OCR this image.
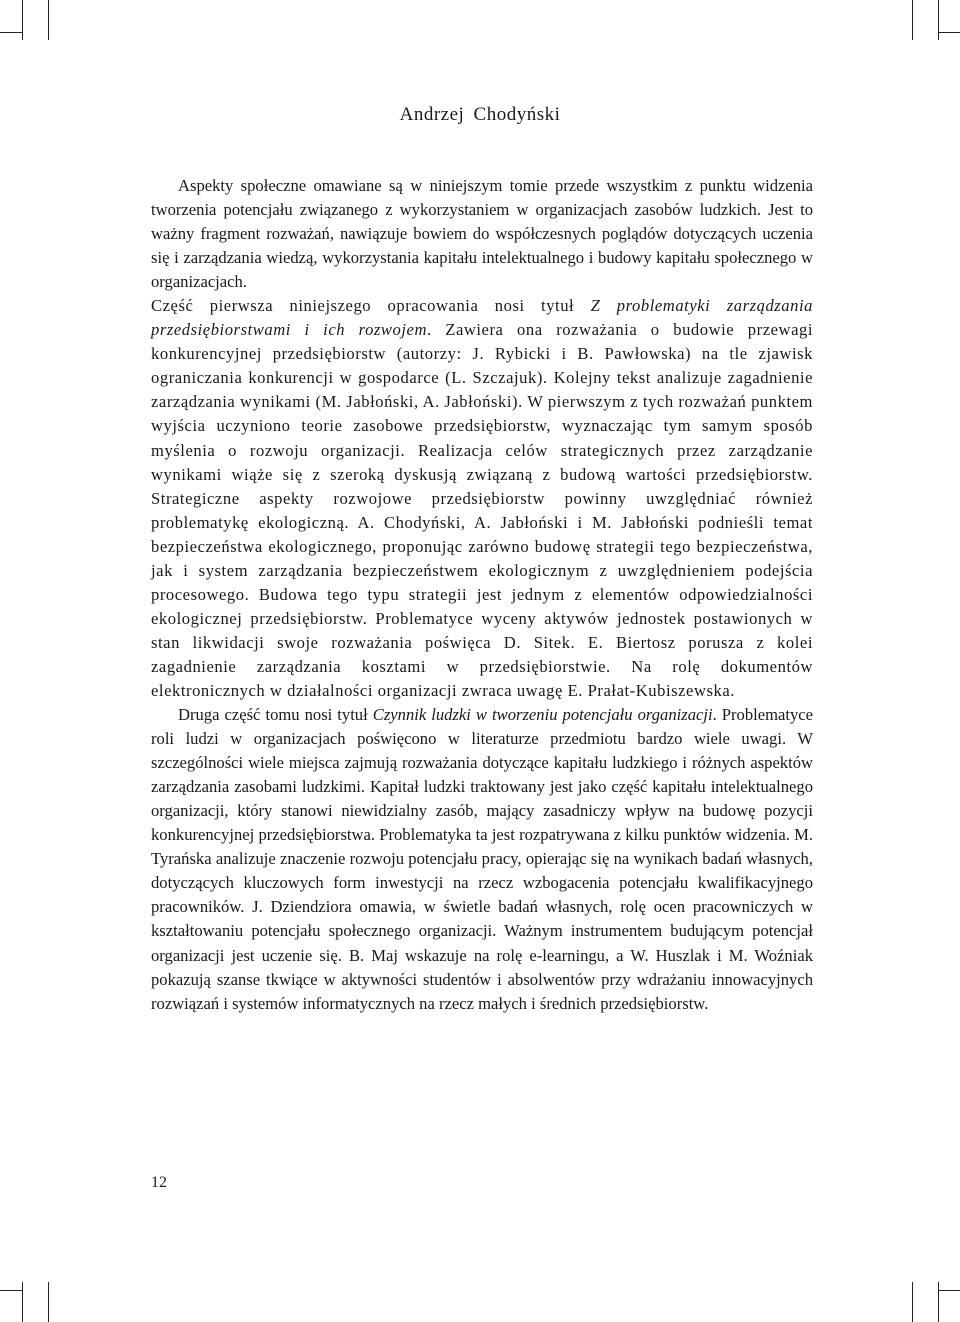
Andrzej Chodyński

Aspekty społeczne omawiane są w niniejszym tomie przede wszystkim z punktu widzenia tworzenia potencjału związanego z wykorzystaniem w organizacjach zasobów ludzkich. Jest to ważny fragment rozważań, nawiązuje bowiem do współczesnych poglądów dotyczących uczenia się i zarządzania wiedzą, wykorzystania kapitału intelektualnego i budowy kapitału społecznego w organizacjach.

Część pierwsza niniejszego opracowania nosi tytuł Z problematyki zarządzania przedsiębiorstwami i ich rozwojem. Zawiera ona rozważania o budowie przewagi konkurencyjnej przedsiębiorstw (autorzy: J. Rybicki i B. Pawłowska) na tle zjawisk ograniczania konkurencji w gospodarce (L. Szczajuk). Kolejny tekst analizuje zagadnienie zarządzania wynikami (M. Jabłoński, A. Jabłoński). W pierwszym z tych rozważań punktem wyjścia uczyniono teorie zasobowe przedsiębiorstw, wyznaczając tym samym sposób myślenia o rozwoju organizacji. Realizacja celów strategicznych przez zarządzanie wynikami wiąże się z szeroką dyskusją związaną z budową wartości przedsiębiorstw. Strategiczne aspekty rozwojowe przedsiębiorstw powinny uwzględniać również problematykę ekologiczną. A. Chodyński, A. Jabłoński i M. Jabłoński podnieśli temat bezpieczeństwa ekologicznego, proponując zarówno budowę strategii tego bezpieczeństwa, jak i system zarządzania bezpieczeństwem ekologicznym z uwzględnieniem podejścia procesowego. Budowa tego typu strategii jest jednym z elementów odpowiedzialności ekologicznej przedsiębiorstw. Problematyce wyceny aktywów jednostek postawionych w stan likwidacji swoje rozważania poświęca D. Sitek. E. Biertosz porusza z kolei zagadnienie zarządzania kosztami w przedsiębiorstwie. Na rolę dokumentów elektronicznych w działalności organizacji zwraca uwagę E. Prałat-Kubiszewska.

Druga część tomu nosi tytuł Czynnik ludzki w tworzeniu potencjału organizacji. Problematyce roli ludzi w organizacjach poświęcono w literaturze przedmiotu bardzo wiele uwagi. W szczególności wiele miejsca zajmują rozważania dotyczące kapitału ludzkiego i różnych aspektów zarządzania zasobami ludzkimi. Kapitał ludzki traktowany jest jako część kapitału intelektualnego organizacji, który stanowi niewidzialny zasób, mający zasadniczy wpływ na budowę pozycji konkurencyjnej przedsiębiorstwa. Problematyka ta jest rozpatrywana z kilku punktów widzenia. M. Tyrańska analizuje znaczenie rozwoju potencjału pracy, opierając się na wynikach badań własnych, dotyczących kluczowych form inwestycji na rzecz wzbogacenia potencjału kwalifikacyjnego pracowników. J. Dziendziora omawia, w świetle badań własnych, rolę ocen pracowniczych w kształtowaniu potencjału społecznego organizacji. Ważnym instrumentem budującym potencjał organizacji jest uczenie się. B. Maj wskazuje na rolę e-learningu, a W. Huszlak i M. Woźniak pokazują szanse tkwiące w aktywności studentów i absolwentów przy wdrażaniu innowacyjnych rozwiązań i systemów informatycznych na rzecz małych i średnich przedsiębiorstw.

12
